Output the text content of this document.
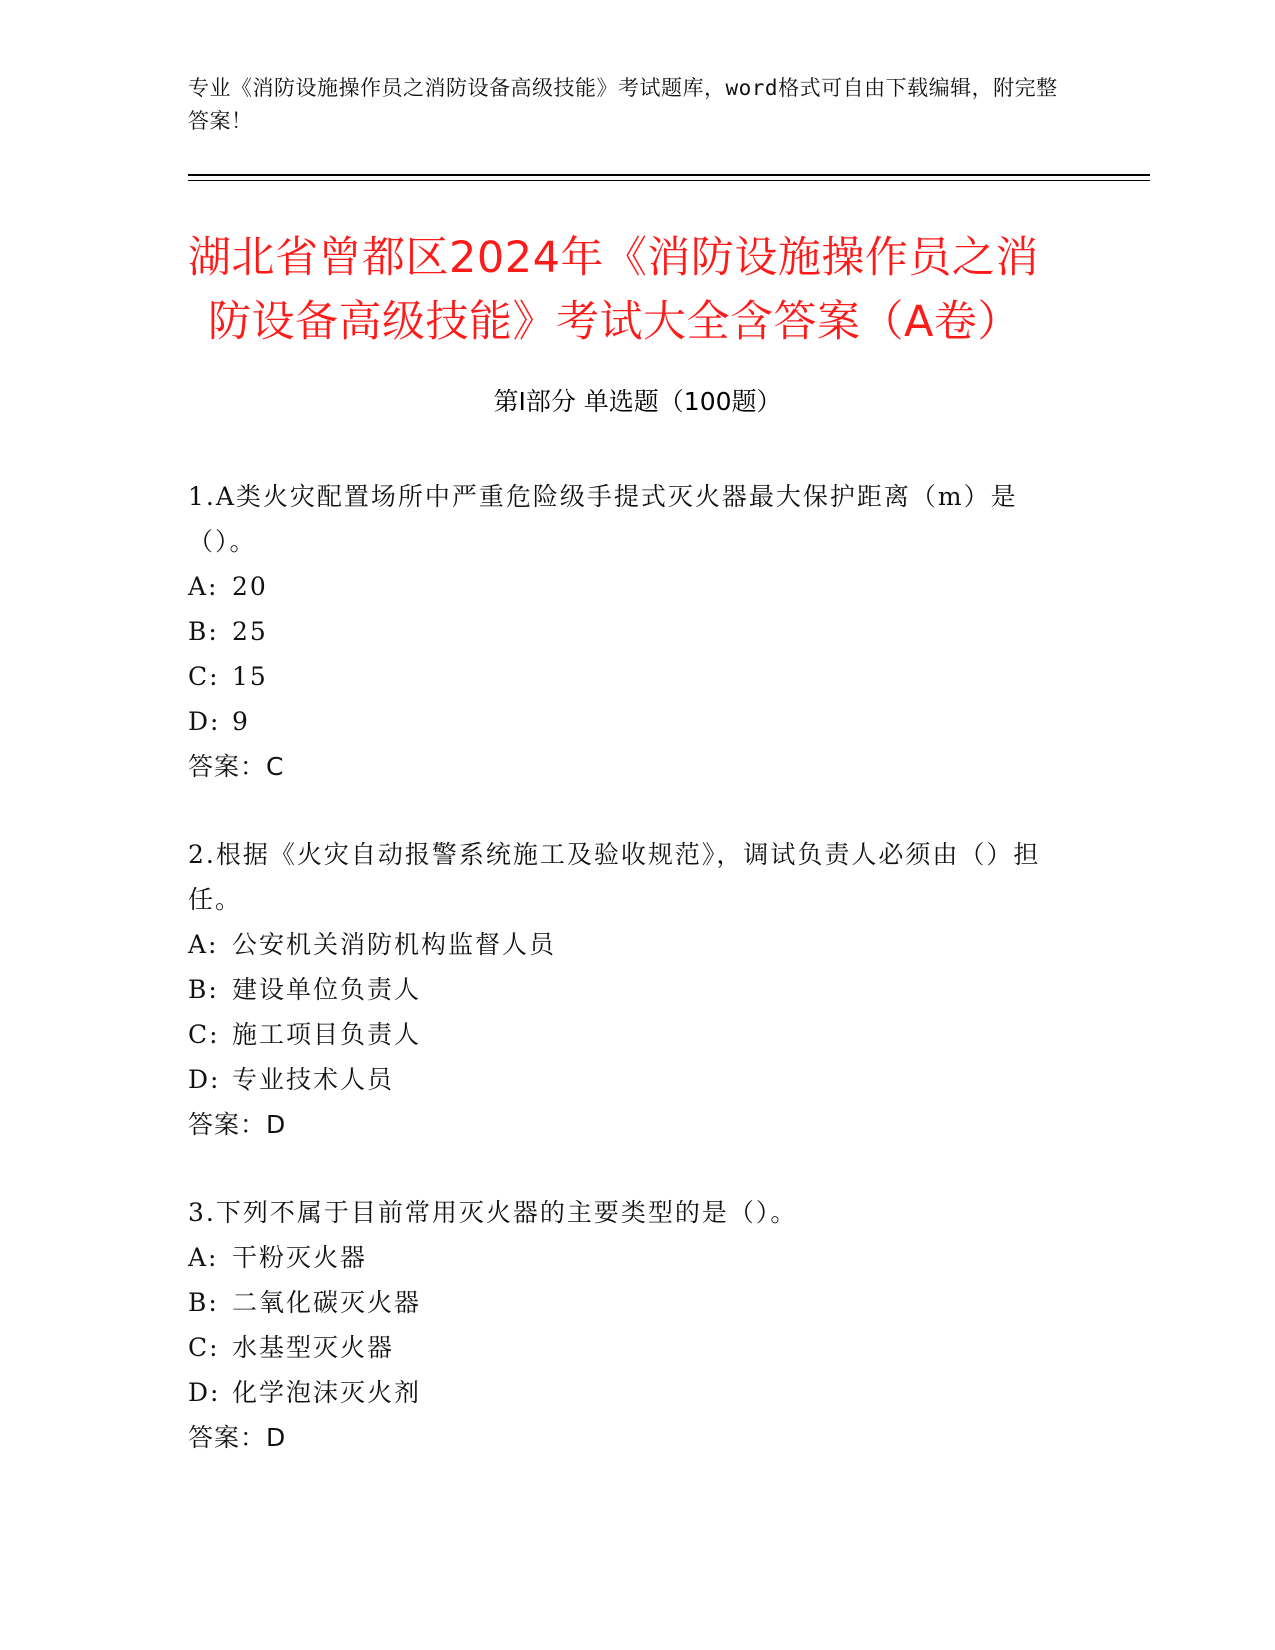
专业《消防设施操作员之消防设备高级技能》考试题库，word格式可自由下载编辑，附完整答案！
湖北省曾都区2024年《消防设施操作员之消
防设备高级技能》考试大全含答案（A卷）
第Ⅰ部分 单选题（100题）
1.A类火灾配置场所中严重危险级手提式灭火器最大保护距离（m）是（）。
A: 20
B: 25
C: 15
D: 9
答案：C
2.根据《火灾自动报警系统施工及验收规范》，调试负责人必须由（）担任。
A: 公安机关消防机构监督人员
B: 建设单位负责人
C: 施工项目负责人
D: 专业技术人员
答案：D
3.下列不属于目前常用灭火器的主要类型的是（）。
A: 干粉灭火器
B: 二氧化碳灭火器
C: 水基型灭火器
D: 化学泡沫灭火剂
答案：D
